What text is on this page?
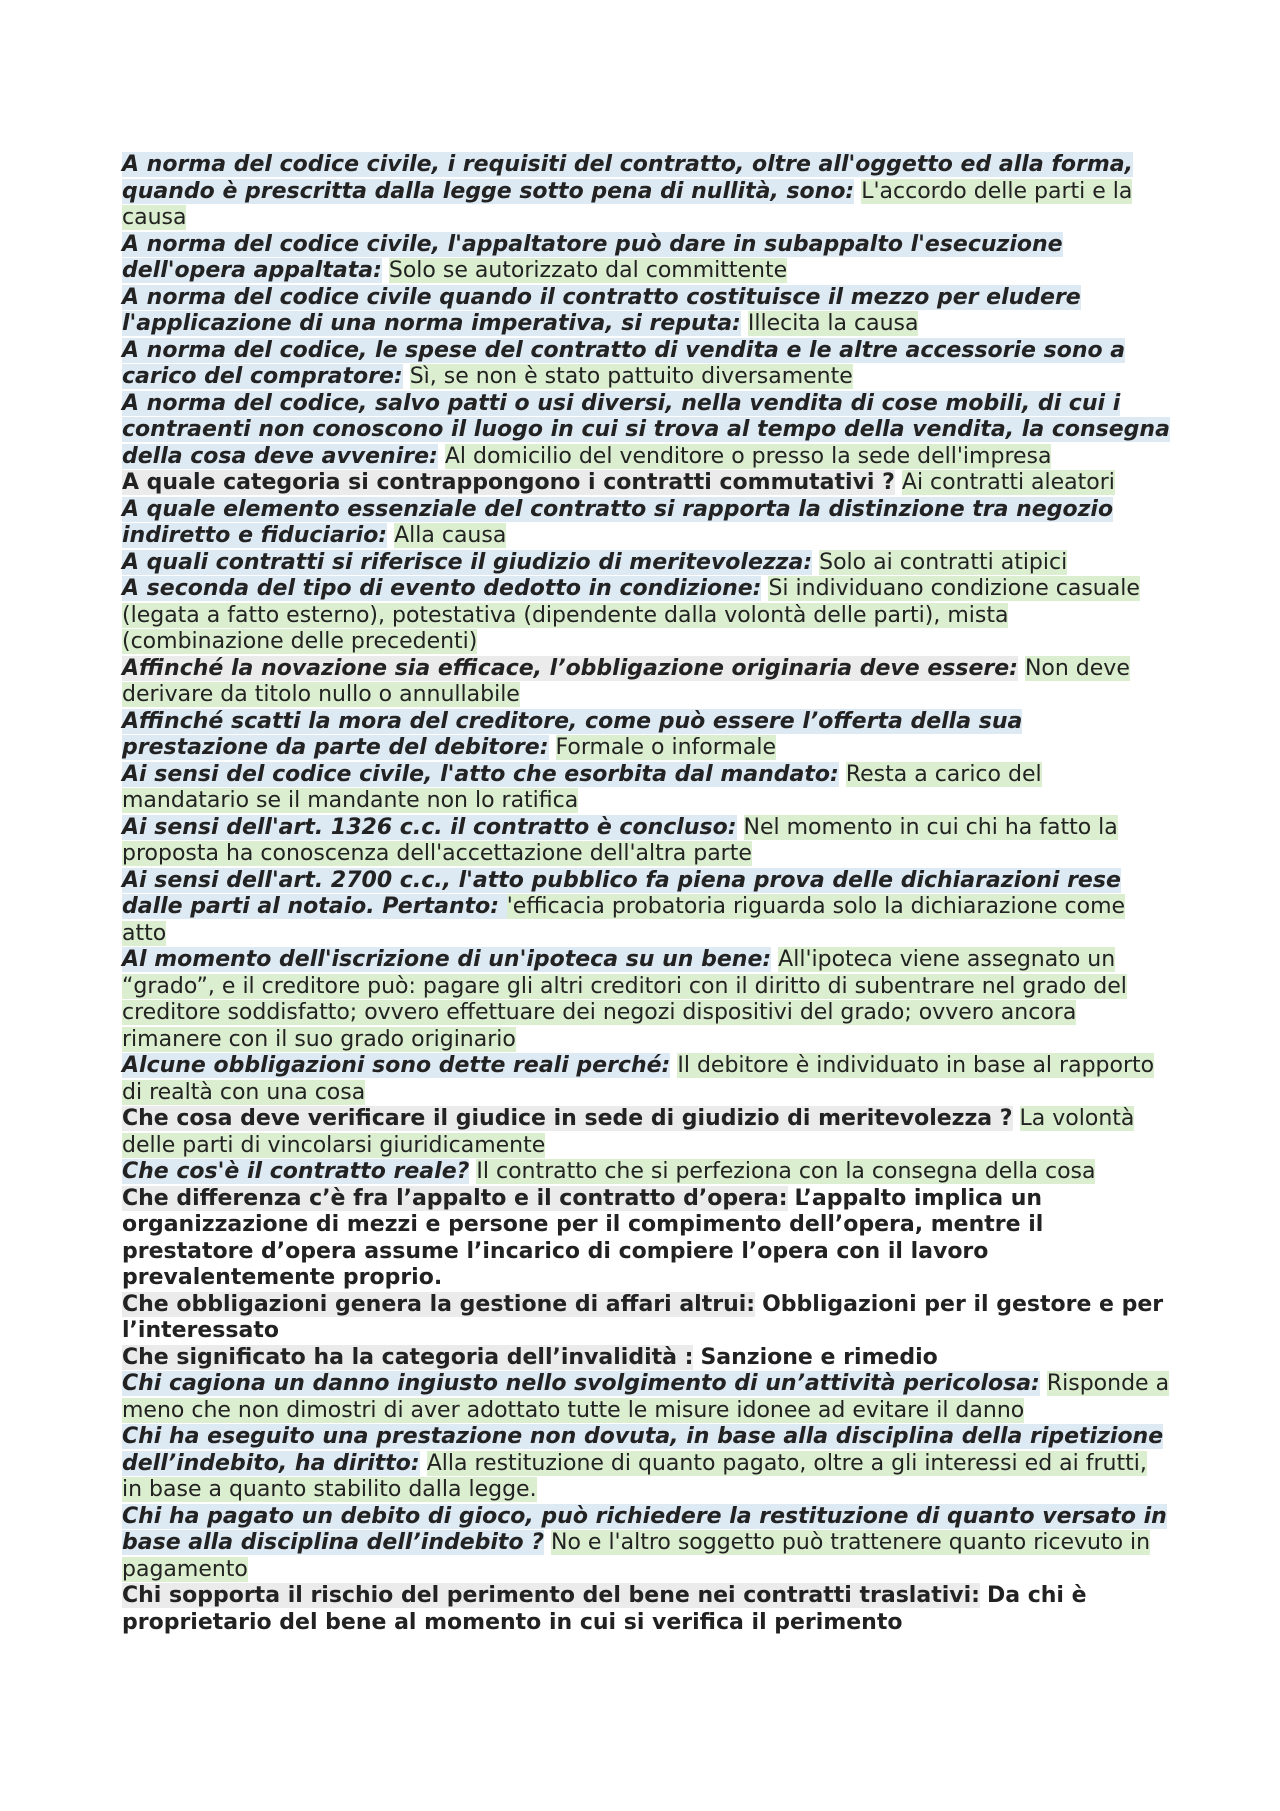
A norma del codice civile, i requisiti del contratto, oltre all'oggetto ed alla forma, quando è prescritta dalla legge sotto pena di nullità, sono: L'accordo delle parti e la causa

A norma del codice civile, l'appaltatore può dare in subappalto l'esecuzione dell'opera appaltata: Solo se autorizzato dal committente

A norma del codice civile quando il contratto costituisce il mezzo per eludere l'applicazione di una norma imperativa, si reputa: Illecita la causa

A norma del codice, le spese del contratto di vendita e le altre accessorie sono a carico del compratore: Sì, se non è stato pattuito diversamente

A norma del codice, salvo patti o usi diversi, nella vendita di cose mobili, di cui i contraenti non conoscono il luogo in cui si trova al tempo della vendita, la consegna della cosa deve avvenire: Al domicilio del venditore o presso la sede dell'impresa

A quale categoria si contrappongono i contratti commutativi ? Ai contratti aleatori

A quale elemento essenziale del contratto si rapporta la distinzione tra negozio indiretto e fiduciario: Alla causa

A quali contratti si riferisce il giudizio di meritevolezza: Solo ai contratti atipici

A seconda del tipo di evento dedotto in condizione: Si individuano condizione casuale (legata a fatto esterno), potestativa (dipendente dalla volontà delle parti), mista (combinazione delle precedenti)

Affinché la novazione sia efficace, l’obbligazione originaria deve essere: Non deve derivare da titolo nullo o annullabile

Affinché scatti la mora del creditore, come può essere l’offerta della sua prestazione da parte del debitore: Formale o informale

Ai sensi del codice civile, l'atto che esorbita dal mandato: Resta a carico del mandatario se il mandante non lo ratifica

Ai sensi dell'art. 1326 c.c. il contratto è concluso: Nel momento in cui chi ha fatto la proposta ha conoscenza dell'accettazione dell'altra parte

Ai sensi dell'art. 2700 c.c., l'atto pubblico fa piena prova delle dichiarazioni rese dalle parti al notaio. Pertanto: 'efficacia probatoria riguarda solo la dichiarazione come atto

Al momento dell'iscrizione di un'ipoteca su un bene: All'ipoteca viene assegnato un “grado”, e il creditore può: pagare gli altri creditori con il diritto di subentrare nel grado del creditore soddisfatto; ovvero effettuare dei negozi dispositivi del grado; ovvero ancora rimanere con il suo grado originario

Alcune obbligazioni sono dette reali perché: Il debitore è individuato in base al rapporto di realtà con una cosa

Che cosa deve verificare il giudice in sede di giudizio di meritevolezza ? La volontà delle parti di vincolarsi giuridicamente

Che cos'è il contratto reale? Il contratto che si perfeziona con la consegna della cosa

Che differenza c’è fra l’appalto e il contratto d’opera: L’appalto implica un organizzazione di mezzi e persone per il compimento dell’opera, mentre il prestatore d’opera assume l’incarico di compiere l’opera con il lavoro prevalentemente proprio.

Che obbligazioni genera la gestione di affari altrui: Obbligazioni per il gestore e per l’interessato

Che significato ha la categoria dell’invalidità : Sanzione e rimedio

Chi cagiona un danno ingiusto nello svolgimento di un’attività pericolosa: Risponde a meno che non dimostri di aver adottato tutte le misure idonee ad evitare il danno

Chi ha eseguito una prestazione non dovuta, in base alla disciplina della ripetizione dell’indebito, ha diritto: Alla restituzione di quanto pagato, oltre a gli interessi ed ai frutti, in base a quanto stabilito dalla legge.

Chi ha pagato un debito di gioco, può richiedere la restituzione di quanto versato in base alla disciplina dell’indebito ? No e l'altro soggetto può trattenere quanto ricevuto in pagamento

Chi sopporta il rischio del perimento del bene nei contratti traslativi: Da chi è proprietario del bene al momento in cui si verifica il perimento
